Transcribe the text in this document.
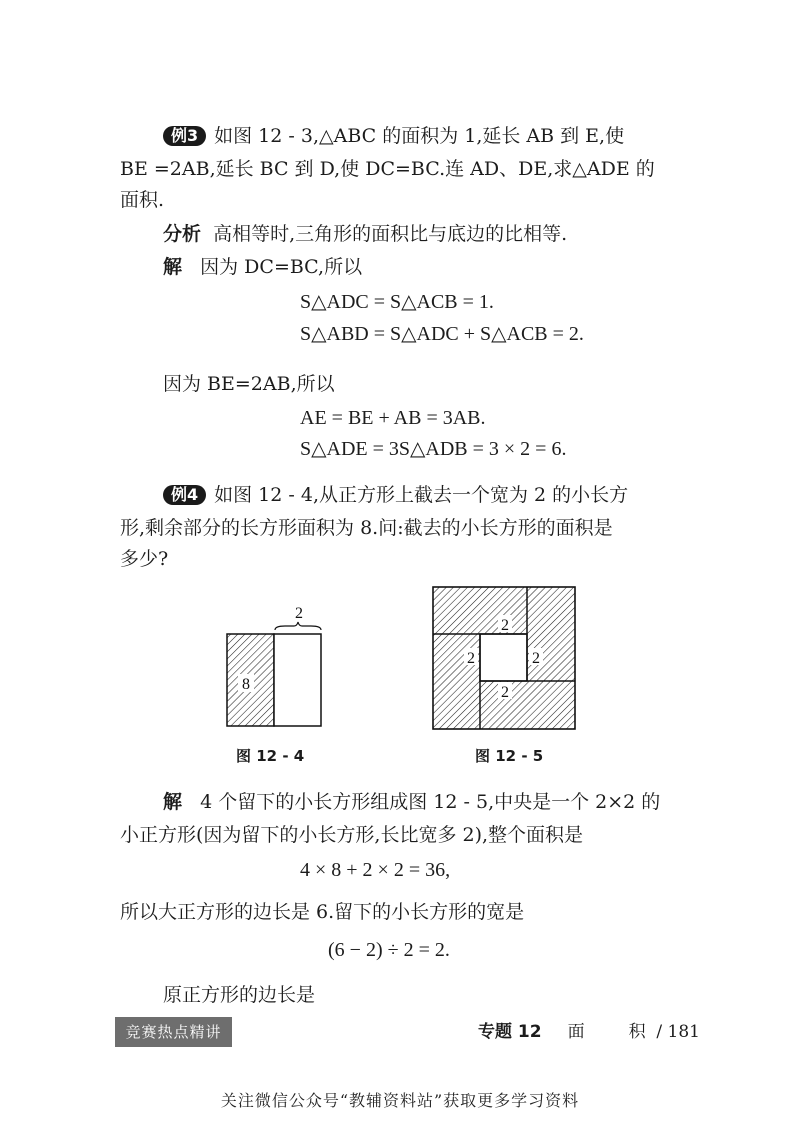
例3 如图 12 - 3,△ABC 的面积为 1,延长 AB 到 E,使
BE =2AB,延长 BC 到 D,使 DC=BC.连 AD、DE,求△ADE 的
面积.
分析 高相等时,三角形的面积比与底边的比相等.
解 因为 DC=BC,所以
S△ADC = S△ACB = 1.
S△ABD = S△ADC + S△ACB = 2.
因为 BE=2AB,所以
AE = BE + AB = 3AB.
S△ADE = 3S△ADB = 3 × 2 = 6.
例4 如图 12 - 4,从正方形上截去一个宽为 2 的小长方
形,剩余部分的长方形面积为 8.问:截去的小长方形的面积是
多少?
8
2
图 12 - 4
2
2	2
2
图 12 - 5
解 4 个留下的小长方形组成图 12 - 5,中央是一个 2×2 的
小正方形(因为留下的小长方形,长比宽多 2),整个面积是
4 × 8 + 2 × 2 = 36,
所以大正方形的边长是 6.留下的小长方形的宽是
(6 − 2) ÷ 2 = 2.
原正方形的边长是
竞赛热点精讲	专题 12 面	积 / 181
关注微信公众号“教辅资料站”获取更多学习资料
